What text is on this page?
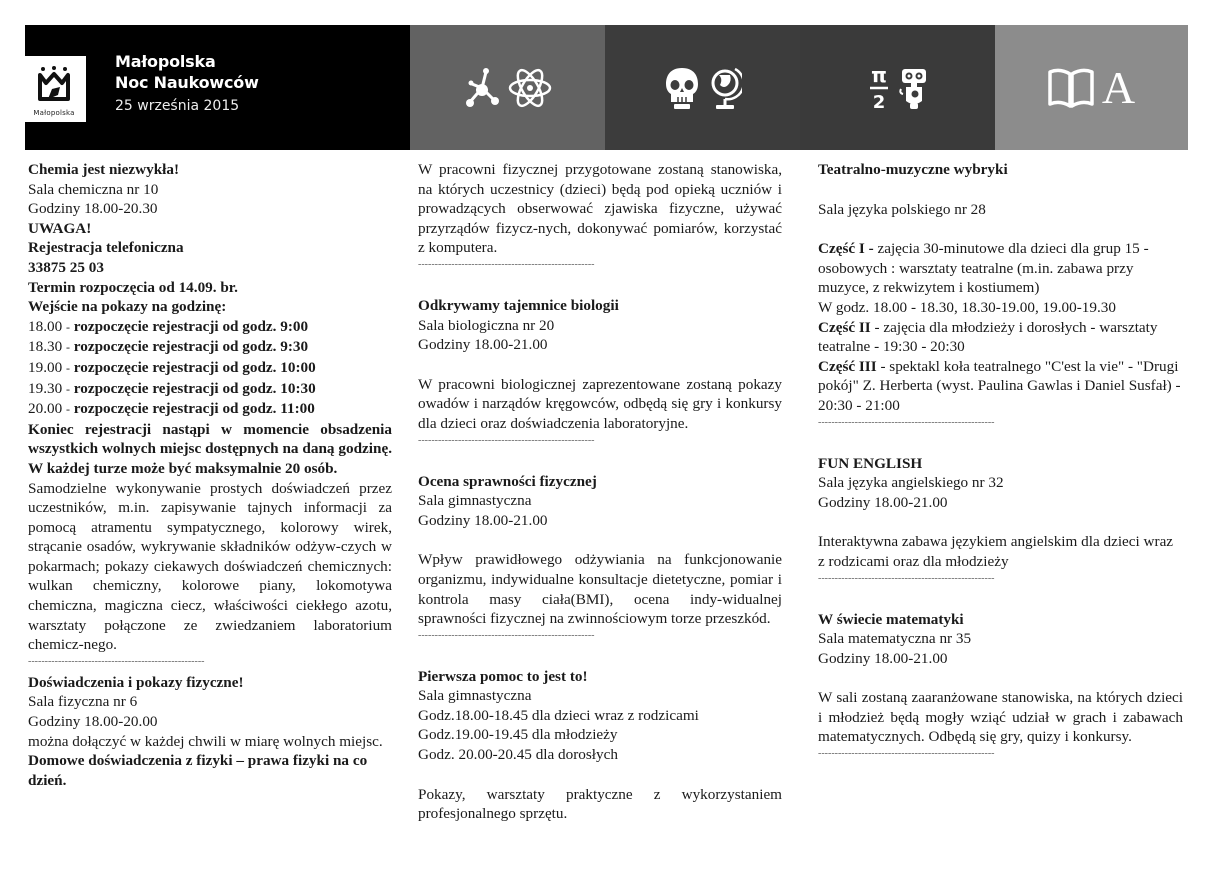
Małopolska
Małopolska
Noc Naukowców
25 września 2015
π
2	A

Chemia jest niezwykła!

Sala chemiczna nr 10

Godziny 18.00-20.30

UWAGA!

Rejestracja telefoniczna

33875 25 03

Termin rozpoczęcia od 14.09. br.

Wejście na pokazy na godzinę:

18.00 - rozpoczęcie rejestracji od godz. 9:00

18.30 - rozpoczęcie rejestracji od godz. 9:30

19.00 - rozpoczęcie rejestracji od godz. 10:00

19.30 - rozpoczęcie rejestracji od godz. 10:30

20.00 - rozpoczęcie rejestracji od godz. 11:00

Koniec rejestracji nastąpi w momencie obsadzenia wszystkich wolnych miejsc dostępnych na daną godzinę. W każdej turze może być maksymalnie 20 osób.

Samodzielne wykonywanie prostych doświadczeń przez uczestników, m.in. zapisywanie tajnych informacji za pomocą atramentu sympatycznego, kolorowy wirek, strącanie osadów, wykrywanie składników odżyw-czych w pokarmach; pokazy ciekawych doświadczeń chemicznych: wulkan chemiczny, kolorowe piany, lokomotywa chemiczna, magiczna ciecz, właściwości ciekłego azotu, warsztaty połączone ze zwiedzaniem laboratorium chemicz-nego.

-----------------------------------------------------

Doświadczenia i pokazy fizyczne!

Sala fizyczna nr 6

Godziny 18.00-20.00

można dołączyć w każdej chwili w miarę wolnych miejsc.

Domowe doświadczenia z fizyki – prawa fizyki na co dzień.

W pracowni fizycznej przygotowane zostaną stanowiska, na których uczestnicy (dzieci) będą pod opieką uczniów i prowadzących obserwować zjawiska fizyczne, używać przyrządów fizycz-nych, dokonywać pomiarów, korzystać z komputera.

-----------------------------------------------------

Odkrywamy tajemnice biologii

Sala biologiczna nr 20

Godziny 18.00-21.00

W pracowni biologicznej zaprezentowane zostaną pokazy owadów i narządów kręgowców, odbędą się gry i konkursy dla dzieci oraz doświadczenia laboratoryjne.

-----------------------------------------------------

Ocena sprawności fizycznej

Sala gimnastyczna

Godziny 18.00-21.00

Wpływ prawidłowego odżywiania na funkcjonowanie organizmu, indywidualne konsultacje dietetyczne, pomiar i kontrola masy ciała(BMI), ocena indy-widualnej sprawności fizycznej na zwinnościowym torze przeszkód.

-----------------------------------------------------

Pierwsza pomoc to jest to!

Sala gimnastyczna

Godz.18.00-18.45 dla dzieci wraz z rodzicami

Godz.19.00-19.45 dla młodzieży

Godz. 20.00-20.45 dla dorosłych

Pokazy, warsztaty praktyczne z wykorzystaniem profesjonalnego sprzętu.

Teatralno-muzyczne wybryki

Sala języka polskiego nr 28

Część I - zajęcia 30-minutowe dla dzieci dla grup 15 - osobowych : warsztaty teatralne (m.in. zabawa przy muzyce, z rekwizytem i kostiumem)

W godz. 18.00 - 18.30, 18.30-19.00, 19.00-19.30

Część II - zajęcia dla młodzieży i dorosłych - warsztaty teatralne - 19:30 - 20:30

Część III - spektakl koła teatralnego "C'est la vie" - "Drugi pokój" Z. Herberta (wyst. Paulina Gawlas i Daniel Susfał) - 20:30 - 21:00

-----------------------------------------------------

FUN ENGLISH

Sala języka angielskiego nr 32

Godziny 18.00-21.00

Interaktywna zabawa językiem angielskim dla dzieci wraz z rodzicami oraz dla młodzieży

-----------------------------------------------------

W świecie matematyki

Sala matematyczna nr 35

Godziny 18.00-21.00

W sali zostaną zaaranżowane stanowiska, na których dzieci i młodzież będą mogły wziąć udział w grach i zabawach matematycznych. Odbędą się gry, quizy i konkursy.

-----------------------------------------------------
